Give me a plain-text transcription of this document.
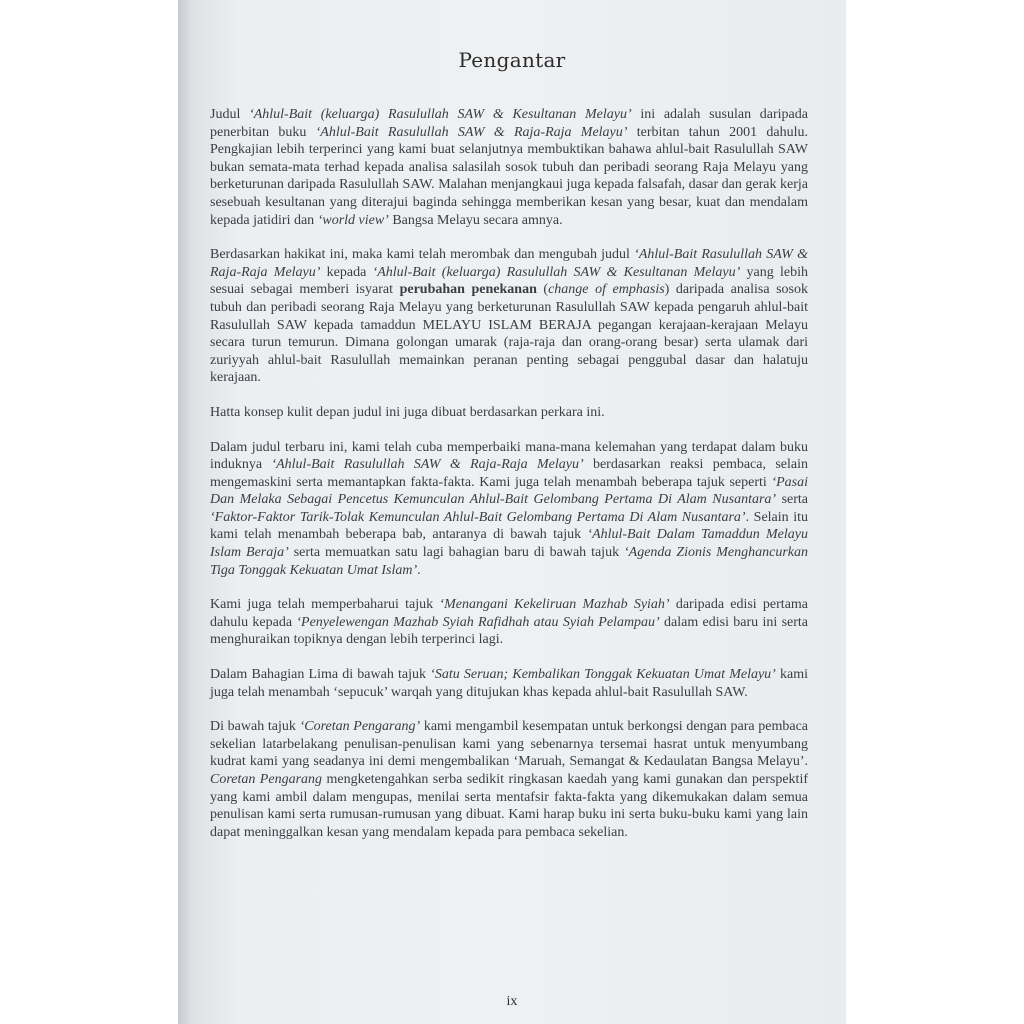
Pengantar

Judul ‘Ahlul-Bait (keluarga) Rasulullah SAW & Kesultanan Melayu’ ini adalah susulan daripada penerbitan buku ‘Ahlul-Bait Rasulullah SAW & Raja-Raja Melayu’ terbitan tahun 2001 dahulu. Pengkajian lebih terperinci yang kami buat selanjutnya membuktikan bahawa ahlul-bait Rasulullah SAW bukan semata-mata terhad kepada analisa salasilah sosok tubuh dan peribadi seorang Raja Melayu yang berketurunan daripada Rasulullah SAW. Malahan menjangkaui juga kepada falsafah, dasar dan gerak kerja sesebuah kesultanan yang diterajui baginda sehingga memberikan kesan yang besar, kuat dan mendalam kepada jatidiri dan ‘world view’ Bangsa Melayu secara amnya.

Berdasarkan hakikat ini, maka kami telah merombak dan mengubah judul ‘Ahlul-Bait Rasulullah SAW & Raja-Raja Melayu’ kepada ‘Ahlul-Bait (keluarga) Rasulullah SAW & Kesultanan Melayu’ yang lebih sesuai sebagai memberi isyarat perubahan penekanan (change of emphasis) daripada analisa sosok tubuh dan peribadi seorang Raja Melayu yang berketurunan Rasulullah SAW kepada pengaruh ahlul-bait Rasulullah SAW kepada tamaddun MELAYU ISLAM BERAJA pegangan kerajaan-kerajaan Melayu secara turun temurun. Dimana golongan umarak (raja-raja dan orang-orang besar) serta ulamak dari zuriyyah ahlul-bait Rasulullah memainkan peranan penting sebagai penggubal dasar dan halatuju kerajaan.

Hatta konsep kulit depan judul ini juga dibuat berdasarkan perkara ini.

Dalam judul terbaru ini, kami telah cuba memperbaiki mana-mana kelemahan yang terdapat dalam buku induknya ‘Ahlul-Bait Rasulullah SAW & Raja-Raja Melayu’ berdasarkan reaksi pembaca, selain mengemaskini serta memantapkan fakta-fakta. Kami juga telah menambah beberapa tajuk seperti ‘Pasai Dan Melaka Sebagai Pencetus Kemunculan Ahlul-Bait Gelombang Pertama Di Alam Nusantara’ serta ‘Faktor-Faktor Tarik-Tolak Kemunculan Ahlul-Bait Gelombang Pertama Di Alam Nusantara’. Selain itu kami telah menambah beberapa bab, antaranya di bawah tajuk ‘Ahlul-Bait Dalam Tamaddun Melayu Islam Beraja’ serta memuatkan satu lagi bahagian baru di bawah tajuk ‘Agenda Zionis Menghancurkan Tiga Tonggak Kekuatan Umat Islam’.

Kami juga telah memperbaharui tajuk ‘Menangani Kekeliruan Mazhab Syiah’ daripada edisi pertama dahulu kepada ‘Penyelewengan Mazhab Syiah Rafidhah atau Syiah Pelampau’ dalam edisi baru ini serta menghuraikan topiknya dengan lebih terperinci lagi.

Dalam Bahagian Lima di bawah tajuk ‘Satu Seruan; Kembalikan Tonggak Kekuatan Umat Melayu’ kami juga telah menambah ‘sepucuk’ warqah yang ditujukan khas kepada ahlul-bait Rasulullah SAW.

Di bawah tajuk ‘Coretan Pengarang’ kami mengambil kesempatan untuk berkongsi dengan para pembaca sekelian latarbelakang penulisan-penulisan kami yang sebenarnya tersemai hasrat untuk menyumbang kudrat kami yang seadanya ini demi mengembalikan ‘Maruah, Semangat & Kedaulatan Bangsa Melayu’. Coretan Pengarang mengketengahkan serba sedikit ringkasan kaedah yang kami gunakan dan perspektif yang kami ambil dalam mengupas, menilai serta mentafsir fakta-fakta yang dikemukakan dalam semua penulisan kami serta rumusan-rumusan yang dibuat. Kami harap buku ini serta buku-buku kami yang lain dapat meninggalkan kesan yang mendalam kepada para pembaca sekelian.

ix
